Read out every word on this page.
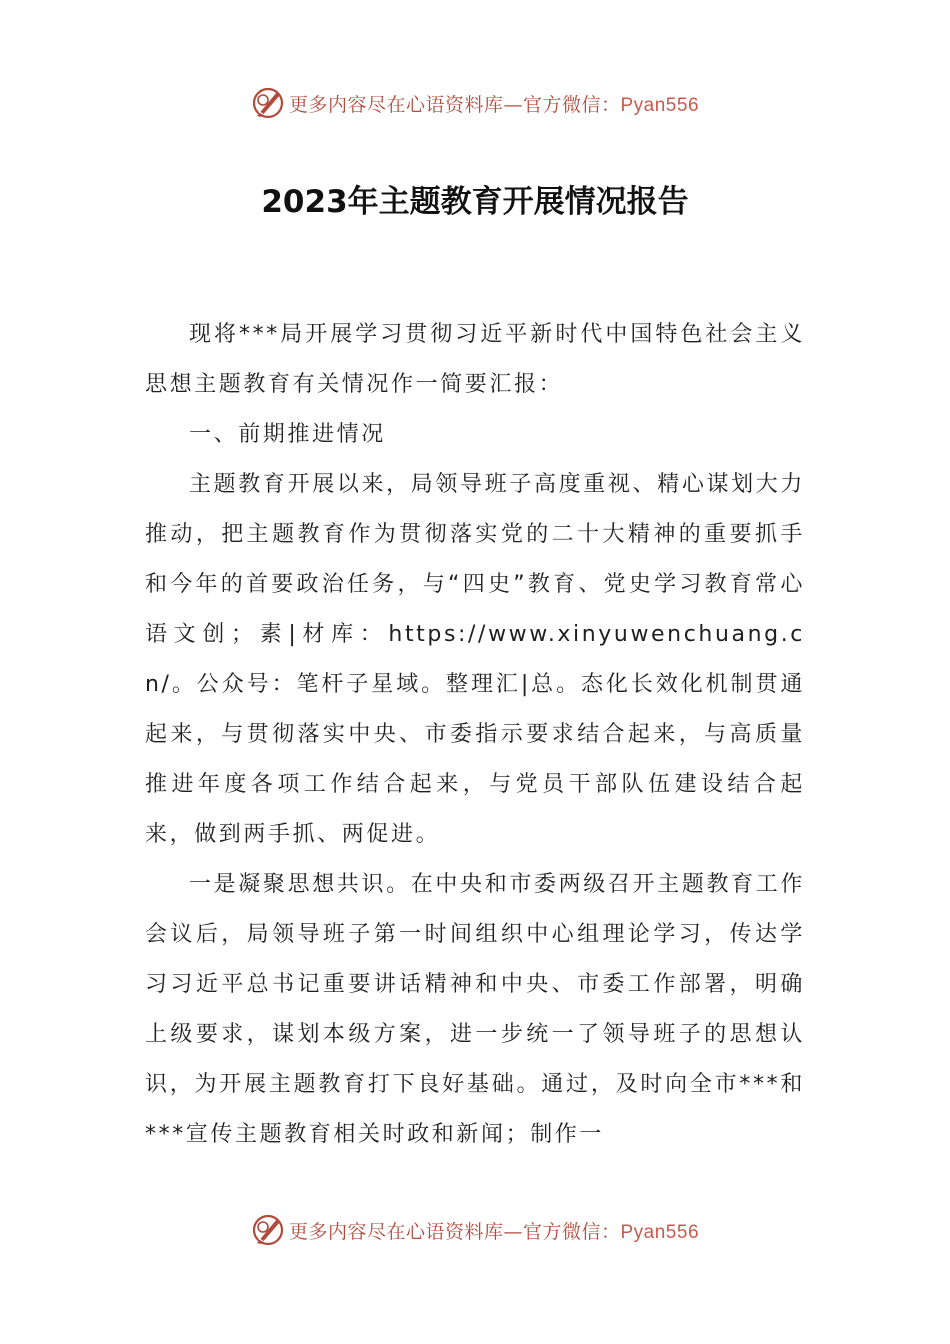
更多内容尽在心语资料库—官方微信：Pyan556
2023年主题教育开展情况报告

现将***局开展学习贯彻习近平新时代中国特色社会主义思想主题教育有关情况作一简要汇报：

一、前期推进情况

主题教育开展以来，局领导班子高度重视、精心谋划大力推动，把主题教育作为贯彻落实党的二十大精神的重要抓手和今年的首要政治任务，与“四史”教育、党史学习教育常心语文创；素|材库：https://www.xinyuwenchuang.cn/。公众号：笔杆子星域。整理汇|总。态化长效化机制贯通起来，与贯彻落实中央、市委指示要求结合起来，与高质量推进年度各项工作结合起来，与党员干部队伍建设结合起来，做到两手抓、两促进。

一是凝聚思想共识。在中央和市委两级召开主题教育工作会议后，局领导班子第一时间组织中心组理论学习，传达学习习近平总书记重要讲话精神和中央、市委工作部署，明确上级要求，谋划本级方案，进一步统一了领导班子的思想认识，为开展主题教育打下良好基础。通过，及时向全市***和***宣传主题教育相关时政和新闻；制作一

更多内容尽在心语资料库—官方微信：Pyan556
